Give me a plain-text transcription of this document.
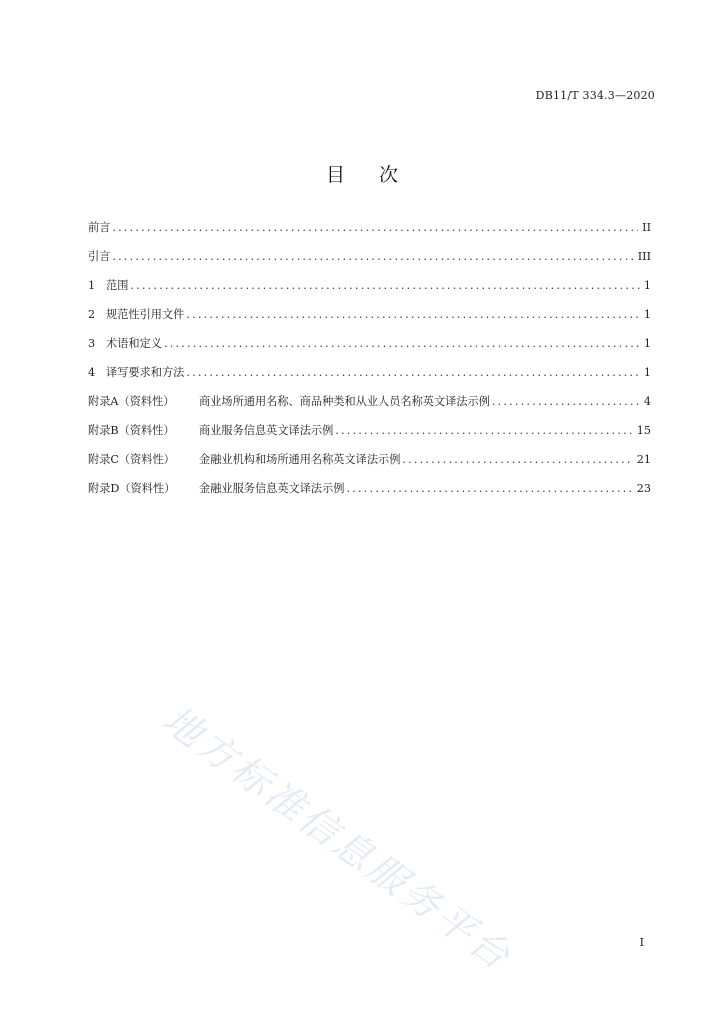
DB11/T 334.3—2020
目 次
前言 .....	II
引言 .....	III
1 范围 .....	1
2 规范性引用文件 .....	1
3 术语和定义 .....	1
4 译写要求和方法 .....	1
附录A（资料性）	商业场所通用名称、商品种类和从业人员名称英文译法示例 .....	4
附录B（资料性）	商业服务信息英文译法示例 .....	15
附录C（资料性）	金融业机构和场所通用名称英文译法示例 .....	21
附录D（资料性）	金融业服务信息英文译法示例 .....	23
地方标准信息服务平台	I
